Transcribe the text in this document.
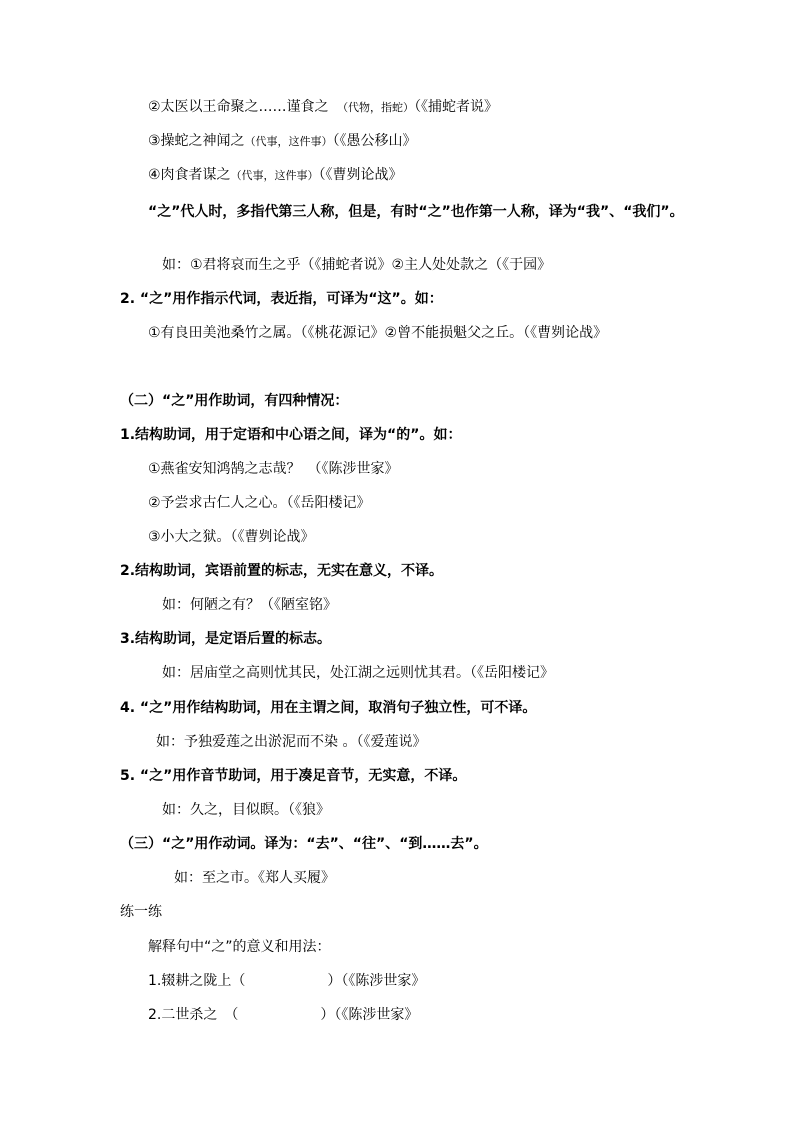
②太医以王命聚之……谨食之　（代物，指蛇）（《捕蛇者说》
③操蛇之神闻之（代事，这件事）（《愚公移山》
④肉食者谋之（代事，这件事）（《曹刿论战》
“之”代人时，多指代第三人称，但是，有时“之”也作第一人称，译为“我”、“我们”。
如：①君将哀而生之乎（《捕蛇者说》②主人处处款之（《于园》
2. “之”用作指示代词，表近指，可译为“这”。如：
①有良田美池桑竹之属。（《桃花源记》②曾不能损魁父之丘。（《曹刿论战》
（二）“之”用作助词，有四种情况：
1.结构助词，用于定语和中心语之间，译为“的”。如：
①燕雀安知鸿鹄之志哉？　（《陈涉世家》
②予尝求古仁人之心。（《岳阳楼记》
③小大之狱。（《曹刿论战》
2.结构助词，宾语前置的标志，无实在意义，不译。
如：何陋之有？（《陋室铭》
3.结构助词，是定语后置的标志。
如：居庙堂之高则忧其民，处江湖之远则忧其君。（《岳阳楼记》
4. “之”用作结构助词，用在主谓之间，取消句子独立性，可不译。
如：予独爱莲之出淤泥而不染 。（《爱莲说》
5. “之”用作音节助词，用于凑足音节，无实意，不译。
如：久之，目似瞑。（《狼》
（三）“之”用作动词。译为：“去”、“往”、“到……去”。
如：至之市。《郑人买履》
练一练
解释句中“之”的意义和用法：
1.辍耕之陇上（	）（《陈涉世家》
2.二世杀之　（	）（《陈涉世家》
